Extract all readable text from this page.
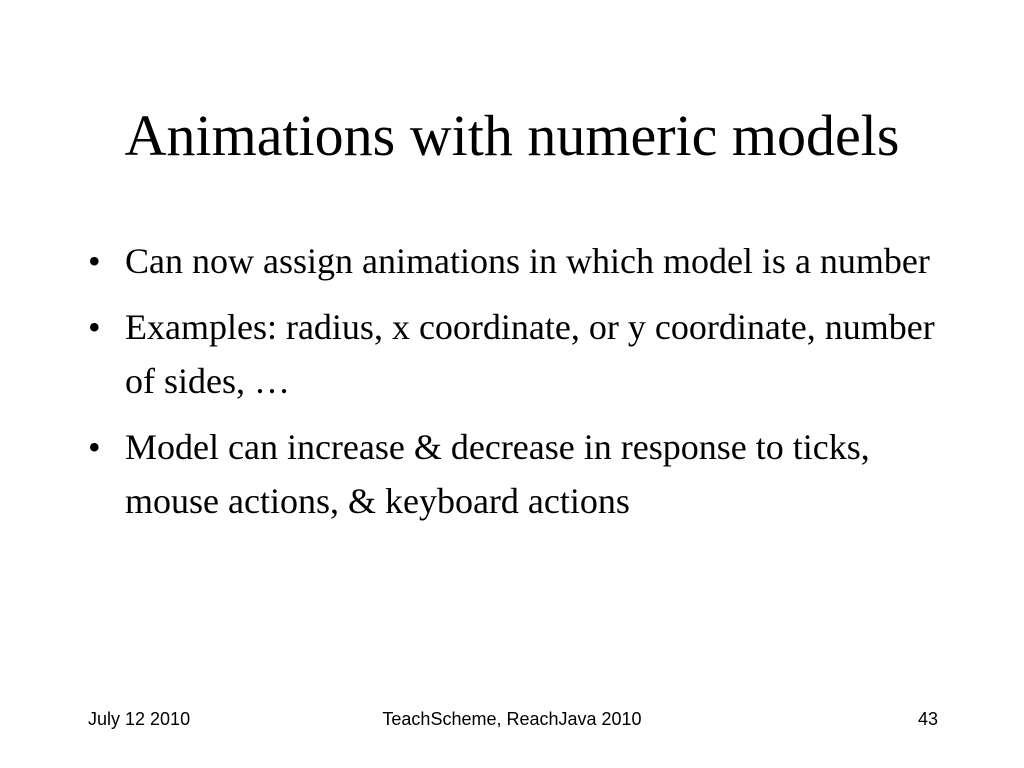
Animations with numeric models
• Can now assign animations in which model is a number
• Examples: radius, x coordinate, or y coordinate, number of sides, …
• Model can increase & decrease in response to ticks, mouse actions, & keyboard actions
July 12 2010	TeachScheme, ReachJava 2010	43
